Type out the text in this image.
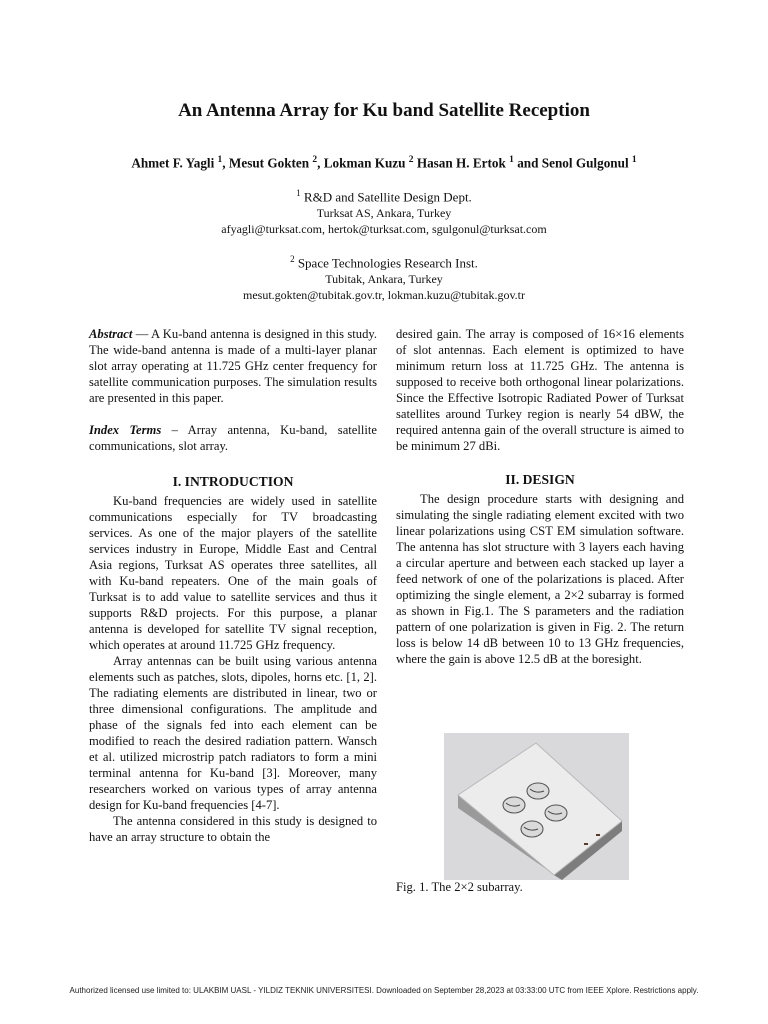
An Antenna Array for Ku band Satellite Reception
Ahmet F. Yagli $^1$, Mesut Gokten $^2$, Lokman Kuzu $^2$ Hasan H. Ertok $^1$ and Senol Gulgonul $^1$
$^1$ R&D and Satellite Design Dept.
Turksat AS, Ankara, Turkey
afyagli@turksat.com, hertok@turksat.com, sgulgonul@turksat.com
$^2$ Space Technologies Research Inst.
Tubitak, Ankara, Turkey
mesut.gokten@tubitak.gov.tr, lokman.kuzu@tubitak.gov.tr

Abstract — A Ku-band antenna is designed in this study. The wide-band antenna is made of a multi-layer planar slot array operating at 11.725 GHz center frequency for satellite communication purposes. The simulation results are presented in this paper.

Index Terms – Array antenna, Ku-band, satellite communications, slot array.

I. INTRODUCTION

Ku-band frequencies are widely used in satellite communications especially for TV broadcasting services. As one of the major players of the satellite services industry in Europe, Middle East and Central Asia regions, Turksat AS operates three satellites, all with Ku-band repeaters. One of the main goals of Turksat is to add value to satellite services and thus it supports R&D projects. For this purpose, a planar antenna is developed for satellite TV signal reception, which operates at around 11.725 GHz frequency.

Array antennas can be built using various antenna elements such as patches, slots, dipoles, horns etc. [1, 2]. The radiating elements are distributed in linear, two or three dimensional configurations. The amplitude and phase of the signals fed into each element can be modified to reach the desired radiation pattern. Wansch et al. utilized microstrip patch radiators to form a mini terminal antenna for Ku-band [3]. Moreover, many researchers worked on various types of array antenna design for Ku-band frequencies [4-7].

The antenna considered in this study is designed to have an array structure to obtain the

desired gain. The array is composed of 16×16 elements of slot antennas. Each element is optimized to have minimum return loss at 11.725 GHz. The antenna is supposed to receive both orthogonal linear polarizations. Since the Effective Isotropic Radiated Power of Turksat satellites around Turkey region is nearly 54 dBW, the required antenna gain of the overall structure is aimed to be minimum 27 dBi.

II. DESIGN

The design procedure starts with designing and simulating the single radiating element excited with two linear polarizations using CST EM simulation software. The antenna has slot structure with 3 layers each having a circular aperture and between each stacked up layer a feed network of one of the polarizations is placed. After optimizing the single element, a 2×2 subarray is formed as shown in Fig.1. The S parameters and the radiation pattern of one polarization is given in Fig. 2. The return loss is below 14 dB between 10 to 13 GHz frequencies, where the gain is above 12.5 dB at the boresight.

Fig. 1. The 2×2 subarray.
Authorized licensed use limited to: ULAKBIM UASL - YILDIZ TEKNIK UNIVERSITESI. Downloaded on September 28,2023 at 03:33:00 UTC from IEEE Xplore. Restrictions apply.
